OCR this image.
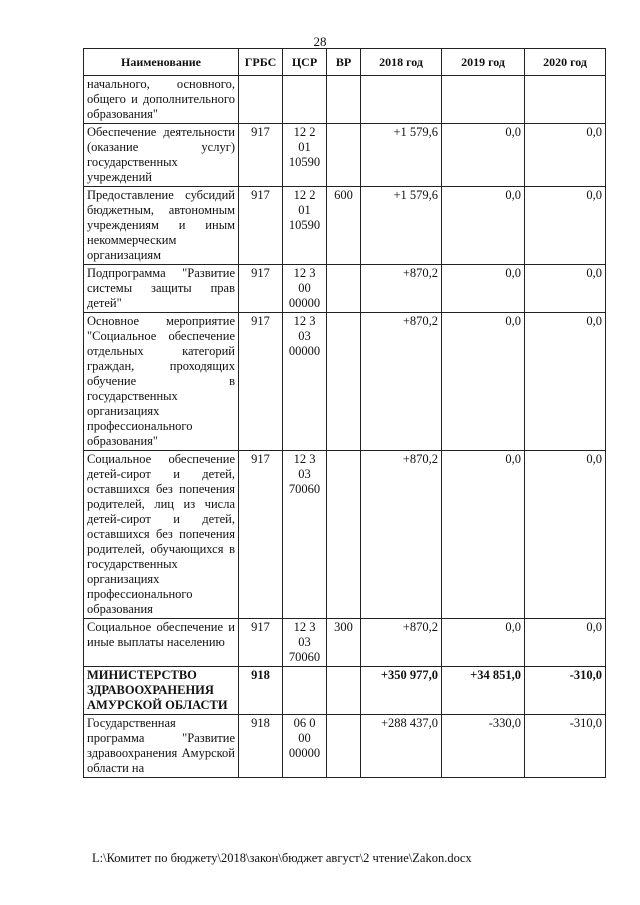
28
Наименование	ГРБС	ЦСР	ВР	2018 год	2019 год	2020 год
начального, основного, общего и дополнительного образования"						
Обеспечение деятельности (оказание услуг) государственных учреждений	917	12 2 01 10590		+1 579,6	0,0	0,0
Предоставление субсидий бюджетным, автономным учреждениям и иным некоммерческим организациям	917	12 2 01 10590	600	+1 579,6	0,0	0,0
Подпрограмма "Развитие системы защиты прав детей"	917	12 3 00 00000		+870,2	0,0	0,0
Основное мероприятие "Социальное обеспечение отдельных категорий граждан, проходящих обучение в государственных организациях профессионального образования"	917	12 3 03 00000		+870,2	0,0	0,0
Социальное обеспечение детей-сирот и детей, оставшихся без попечения родителей, лиц из числа детей-сирот и детей, оставшихся без попечения родителей, обучающихся в государственных организациях профессионального образования	917	12 3 03 70060		+870,2	0,0	0,0
Социальное обеспечение и иные выплаты населению	917	12 3 03 70060	300	+870,2	0,0	0,0
МИНИСТЕРСТВО ЗДРАВООХРАНЕНИЯ АМУРСКОЙ ОБЛАСТИ	918			+350 977,0	+34 851,0	-310,0
Государственная программа "Развитие здравоохранения Амурской области на	918	06 0 00 00000		+288 437,0	-330,0	-310,0
L:\Комитет по бюджету\2018\закон\бюджет август\2 чтение\Zakon.docx
